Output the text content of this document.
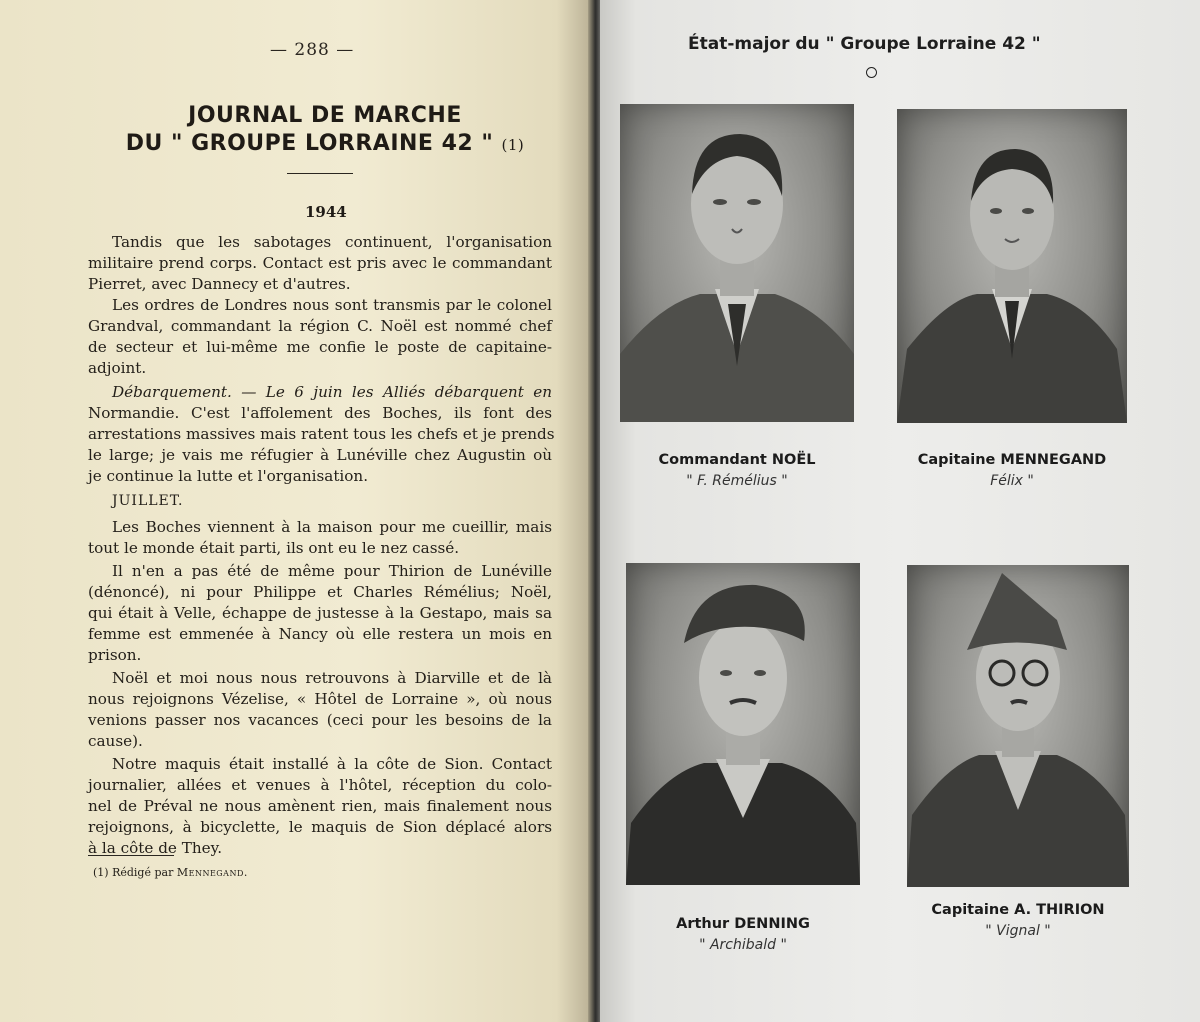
— 288 —
JOURNAL DE MARCHE
DU " GROUPE LORRAINE 42 " (1)
1944
Tandis que les sabotages continuent, l'organisation
militaire prend corps. Contact est pris avec le commandant
Pierret, avec Dannecy et d'autres.
Les ordres de Londres nous sont transmis par le colonel
Grandval, commandant la région C. Noël est nommé chef
de secteur et lui-même me confie le poste de capitaine-
adjoint.
Débarquement. — Le 6 juin les Alliés débarquent en
Normandie. C'est l'affolement des Boches, ils font des
arrestations massives mais ratent tous les chefs et je prends
le large; je vais me réfugier à Lunéville chez Augustin où
je continue la lutte et l'organisation.
JUILLET.
Les Boches viennent à la maison pour me cueillir, mais
tout le monde était parti, ils ont eu le nez cassé.
Il n'en a pas été de même pour Thirion de Lunéville
(dénoncé), ni pour Philippe et Charles Rémélius; Noël,
qui était à Velle, échappe de justesse à la Gestapo, mais sa
femme est emmenée à Nancy où elle restera un mois en
prison.
Noël et moi nous nous retrouvons à Diarville et de là
nous rejoignons Vézelise, « Hôtel de Lorraine », où nous
venions passer nos vacances (ceci pour les besoins de la
cause).
Notre maquis était installé à la côte de Sion. Contact
journalier, allées et venues à l'hôtel, réception du colo-
nel de Préval ne nous amènent rien, mais finalement nous
rejoignons, à bicyclette, le maquis de Sion déplacé alors
à la côte de They.
(1) Rédigé par Mennegand.
État-major du " Groupe Lorraine 42 "
Commandant NOËL
" F. Rémélius "
Capitaine MENNEGAND
Félix "
Arthur DENNING
" Archibald "
Capitaine A. THIRION
" Vignal "
